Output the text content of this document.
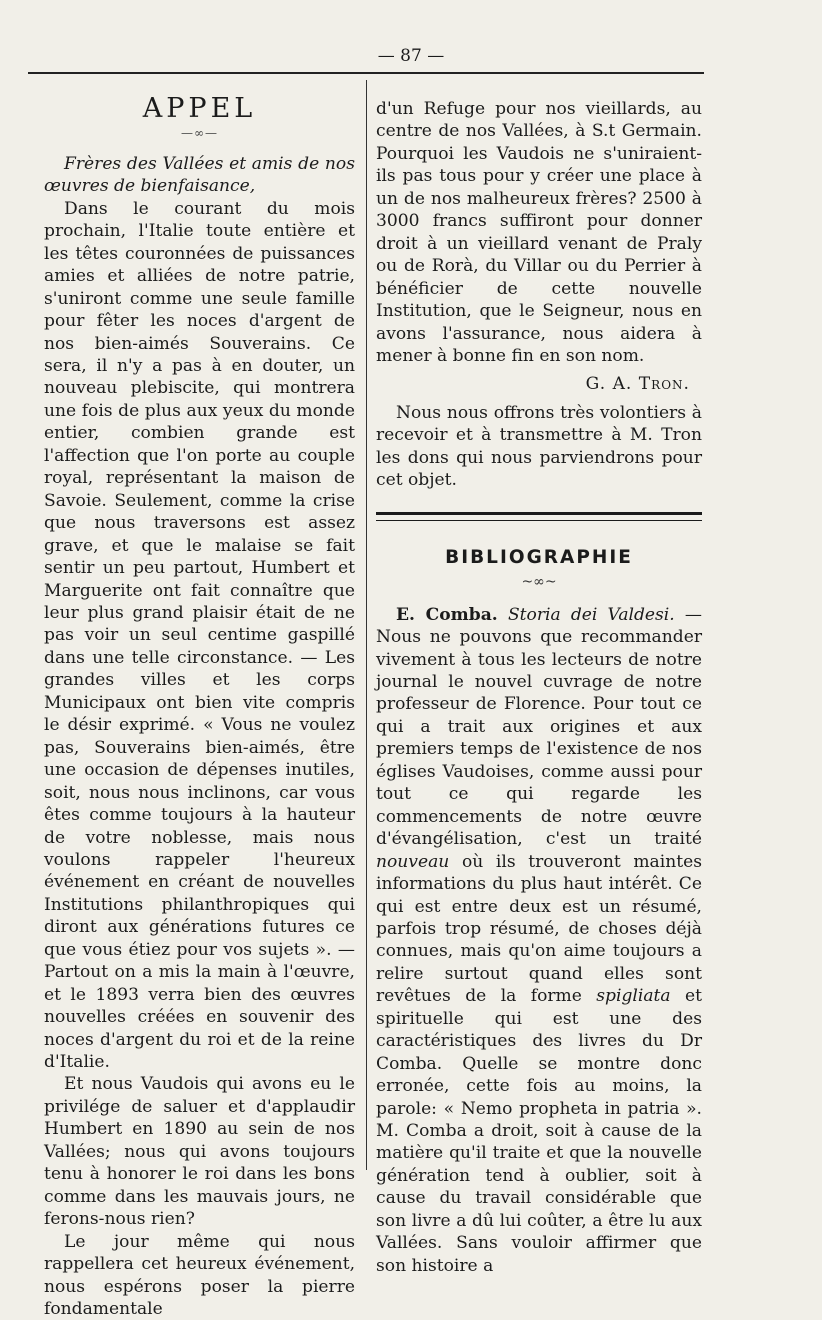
— 87 —
APPEL
—∞—

Frères des Vallées et amis de nos œuvres de bienfaisance,

Dans le courant du mois prochain, l'Italie toute entière et les têtes couronnées de puissances amies et alliées de notre patrie, s'uniront comme une seule famille pour fêter les noces d'argent de nos bien-aimés Souverains. Ce sera, il n'y a pas à en douter, un nouveau plebiscite, qui montrera une fois de plus aux yeux du monde entier, combien grande est l'affection que l'on porte au couple royal, représentant la maison de Savoie. Seulement, comme la crise que nous traversons est assez grave, et que le malaise se fait sentir un peu partout, Humbert et Marguerite ont fait connaître que leur plus grand plaisir était de ne pas voir un seul centime gaspillé dans une telle circonstance. — Les grandes villes et les corps Municipaux ont bien vite compris le désir exprimé. « Vous ne voulez pas, Souverains bien-aimés, être une occasion de dépenses inutiles, soit, nous nous inclinons, car vous êtes comme toujours à la hauteur de votre noblesse, mais nous voulons rappeler l'heureux événement en créant de nouvelles Institutions philanthropiques qui diront aux générations futures ce que vous étiez pour vos sujets ». — Partout on a mis la main à l'œuvre, et le 1893 verra bien des œuvres nouvelles créées en souvenir des noces d'argent du roi et de la reine d'Italie.

Et nous Vaudois qui avons eu le privilége de saluer et d'applaudir Humbert en 1890 au sein de nos Vallées; nous qui avons toujours tenu à honorer le roi dans les bons comme dans les mauvais jours, ne ferons-nous rien?

Le jour même qui nous rappellera cet heureux événement, nous espérons poser la pierre fondamentale

d'un Refuge pour nos vieillards, au centre de nos Vallées, à S.t Germain. Pourquoi les Vaudois ne s'uniraient-ils pas tous pour y créer une place à un de nos malheureux frères? 2500 à 3000 francs suffiront pour donner droit à un vieillard venant de Praly ou de Rorà, du Villar ou du Perrier à bénéficier de cette nouvelle Institution, que le Seigneur, nous en avons l'assurance, nous aidera à mener à bonne fin en son nom.

G. A. Tron.

Nous nous offrons très volontiers à recevoir et à transmettre à M. Tron les dons qui nous parviendrons pour cet objet.

BIBLIOGRAPHIE
~∞~

E. Comba. Storia dei Valdesi. — Nous ne pouvons que recommander vivement à tous les lecteurs de notre journal le nouvel cuvrage de notre professeur de Florence. Pour tout ce qui a trait aux origines et aux premiers temps de l'existence de nos églises Vaudoises, comme aussi pour tout ce qui regarde les commencements de notre œuvre d'évangélisation, c'est un traité nouveau où ils trouveront maintes informations du plus haut intérêt. Ce qui est entre deux est un résumé, parfois trop résumé, de choses déjà connues, mais qu'on aime toujours a relire surtout quand elles sont revêtues de la forme spigliata et spirituelle qui est une des caractéristiques des livres du Dr Comba. Quelle se montre donc erronée, cette fois au moins, la parole: « Nemo propheta in patria ». M. Comba a droit, soit à cause de la matière qu'il traite et que la nouvelle génération tend à oublier, soit à cause du travail considérable que son livre a dû lui coûter, a être lu aux Vallées. Sans vouloir affirmer que son histoire a
